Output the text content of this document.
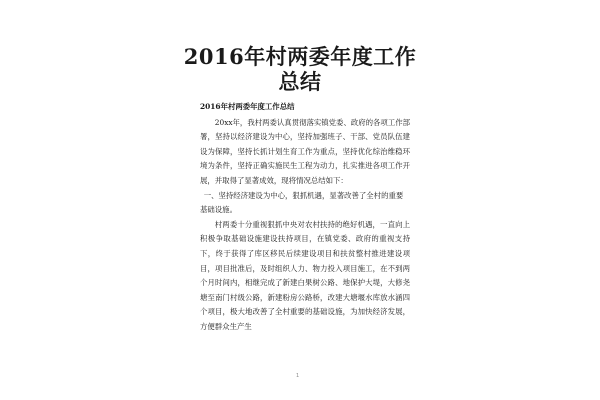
2016年村两委年度工作总结

2016年村两委年度工作总结

20xx年，我村两委认真贯彻落实镇党委、政府的各项工作部署，坚持以经济建设为中心，坚持加强班子、干部、党员队伍建设为保障，坚持长抓计划生育工作为重点，坚持优化综治维稳环境为条件，坚持正确实施民生工程为动力，扎实推进各项工作开展，并取得了显著成效，现将情况总结如下：

一、坚持经济建设为中心，狠抓机遇，显著改善了全村的重要基础设施。

村两委十分重视狠抓中央对农村扶持的绝好机遇，一直向上积极争取基础设施建设扶持项目，在镇党委、政府的重视支持下，终于获得了库区移民后续建设项目和扶贫整村推进建设项目，项目批准后，及时组织人力、物力投入项目施工，在不到两个月时间内，相继完成了新建白果树公路、地保护大堤，大修尧塘至南门村级公路，新建粉房公路桥，改建大塘堰水库放水涵四个项目，极大地改善了全村重要的基础设施，为加快经济发展，方便群众生产生

1
